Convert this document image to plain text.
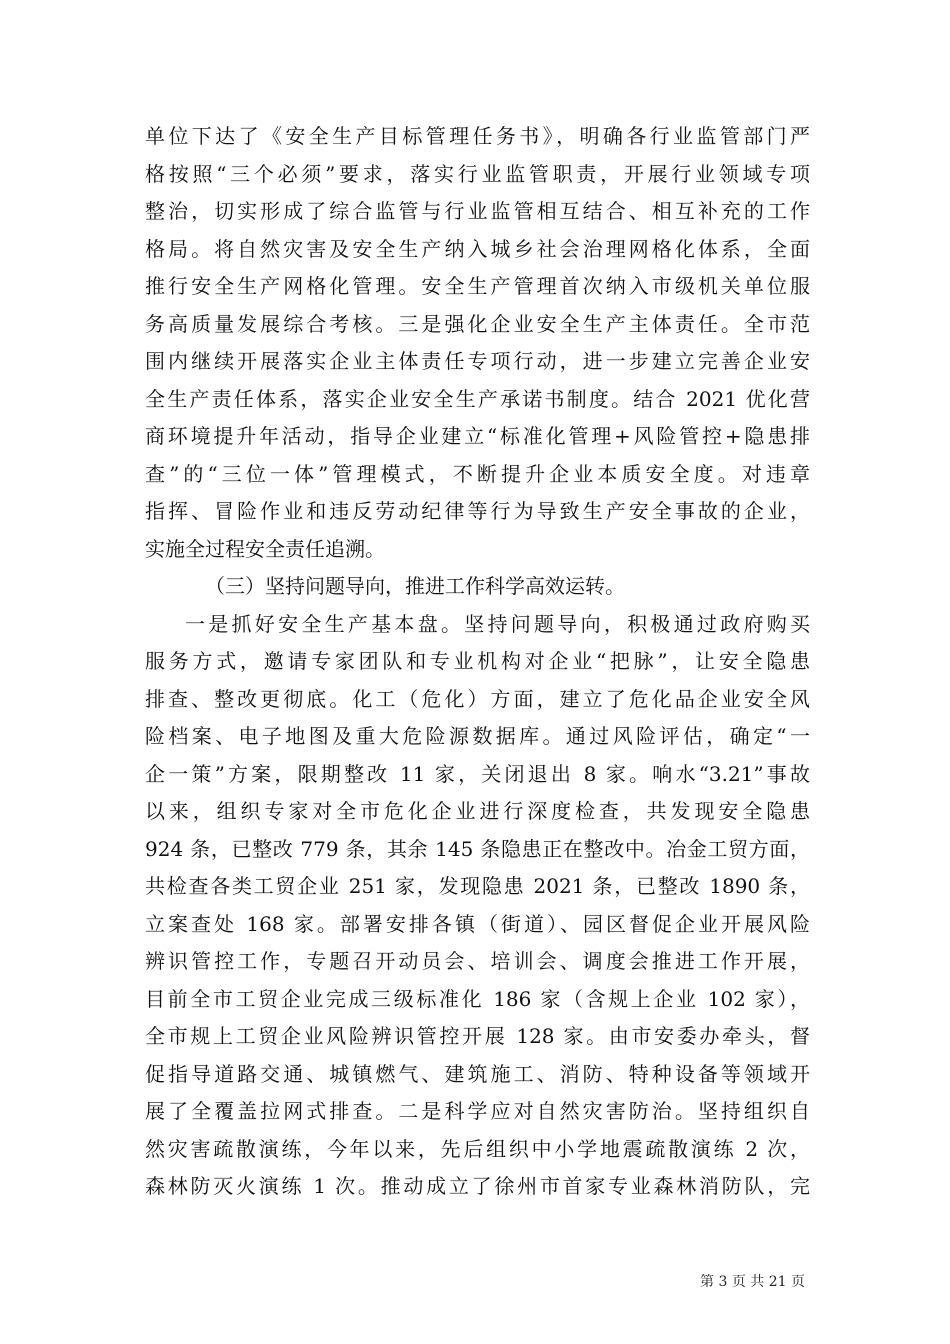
单位下达了《安全生产目标管理任务书》，明确各行业监管部门严
格按照“三个必须”要求，落实行业监管职责，开展行业领域专项
整治，切实形成了综合监管与行业监管相互结合、相互补充的工作
格局。将自然灾害及安全生产纳入城乡社会治理网格化体系，全面
推行安全生产网格化管理。安全生产管理首次纳入市级机关单位服
务高质量发展综合考核。三是强化企业安全生产主体责任。全市范
围内继续开展落实企业主体责任专项行动，进一步建立完善企业安
全生产责任体系，落实企业安全生产承诺书制度。结合 2021 优化营
商环境提升年活动，指导企业建立“标准化管理+风险管控+隐患排
查”的“三位一体”管理模式，不断提升企业本质安全度。对违章
指挥、冒险作业和违反劳动纪律等行为导致生产安全事故的企业，
实施全过程安全责任追溯。
（三）坚持问题导向，推进工作科学高效运转。
一是抓好安全生产基本盘。坚持问题导向，积极通过政府购买
服务方式，邀请专家团队和专业机构对企业“把脉”，让安全隐患
排查、整改更彻底。化工（危化）方面，建立了危化品企业安全风
险档案、电子地图及重大危险源数据库。通过风险评估，确定“一
企一策”方案，限期整改 11 家，关闭退出 8 家。响水“3.21”事故
以来，组织专家对全市危化企业进行深度检查，共发现安全隐患
924 条，已整改 779 条，其余 145 条隐患正在整改中。冶金工贸方面，
共检查各类工贸企业 251 家，发现隐患 2021 条，已整改 1890 条，
立案查处 168 家。部署安排各镇（街道）、园区督促企业开展风险
辨识管控工作，专题召开动员会、培训会、调度会推进工作开展，
目前全市工贸企业完成三级标准化 186 家（含规上企业 102 家），
全市规上工贸企业风险辨识管控开展 128 家。由市安委办牵头，督
促指导道路交通、城镇燃气、建筑施工、消防、特种设备等领域开
展了全覆盖拉网式排查。二是科学应对自然灾害防治。坚持组织自
然灾害疏散演练，今年以来，先后组织中小学地震疏散演练 2 次，
森林防灭火演练 1 次。推动成立了徐州市首家专业森林消防队，完
第 3 页 共 21 页
